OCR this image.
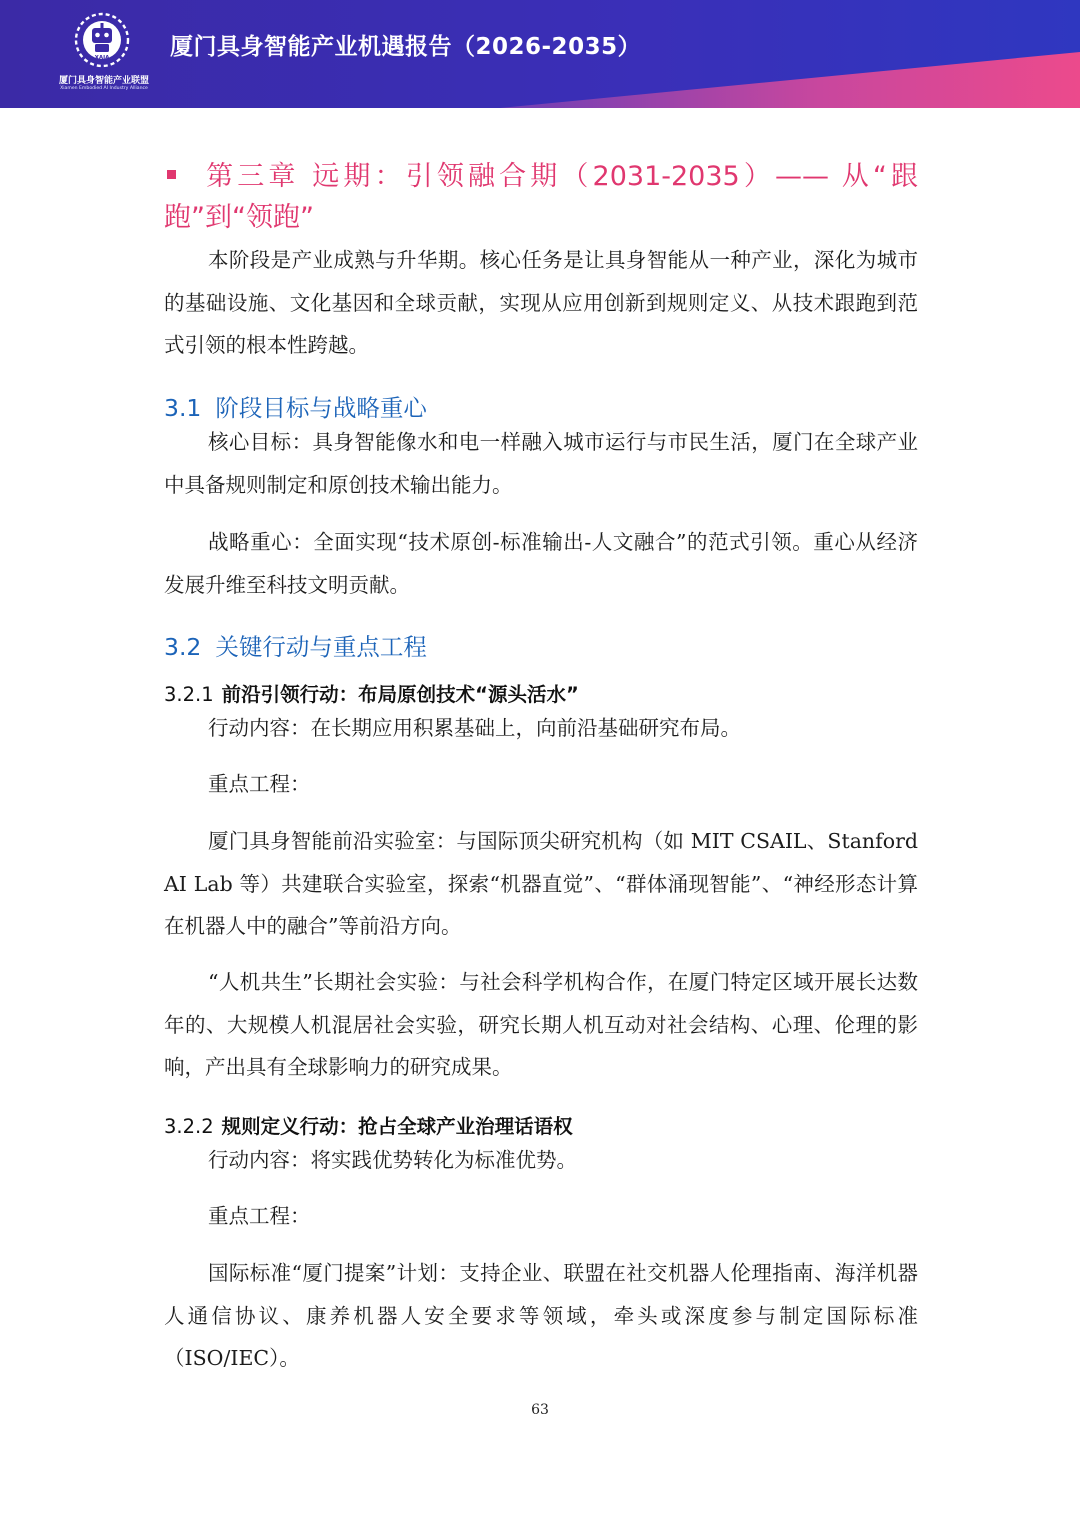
XAIA
厦门具身智能产业联盟
Xiamen Embodied AI Industry Alliance
厦门具身智能产业机遇报告（2026-2035）
第三章 远期：引领融合期（2031-2035）—— 从“跟跑”到“领跑”
本阶段是产业成熟与升华期。核心任务是让具身智能从一种产业，深化为城市的基础设施、文化基因和全球贡献，实现从应用创新到规则定义、从技术跟跑到范式引领的根本性跨越。
3.1 阶段目标与战略重心
核心目标：具身智能像水和电一样融入城市运行与市民生活，厦门在全球产业中具备规则制定和原创技术输出能力。
战略重心：全面实现“技术原创-标准输出-人文融合”的范式引领。重心从经济发展升维至科技文明贡献。
3.2 关键行动与重点工程
3.2.1 前沿引领行动：布局原创技术“源头活水”
行动内容：在长期应用积累基础上，向前沿基础研究布局。
重点工程：
厦门具身智能前沿实验室：与国际顶尖研究机构（如 MIT CSAIL、Stanford AI Lab 等）共建联合实验室，探索“机器直觉”、“群体涌现智能”、“神经形态计算在机器人中的融合”等前沿方向。
“人机共生”长期社会实验：与社会科学机构合作，在厦门特定区域开展长达数年的、大规模人机混居社会实验，研究长期人机互动对社会结构、心理、伦理的影响，产出具有全球影响力的研究成果。
3.2.2 规则定义行动：抢占全球产业治理话语权
行动内容：将实践优势转化为标准优势。
重点工程：
国际标准“厦门提案”计划：支持企业、联盟在社交机器人伦理指南、海洋机器人通信协议、康养机器人安全要求等领域，牵头或深度参与制定国际标准（ISO/IEC）。
63
